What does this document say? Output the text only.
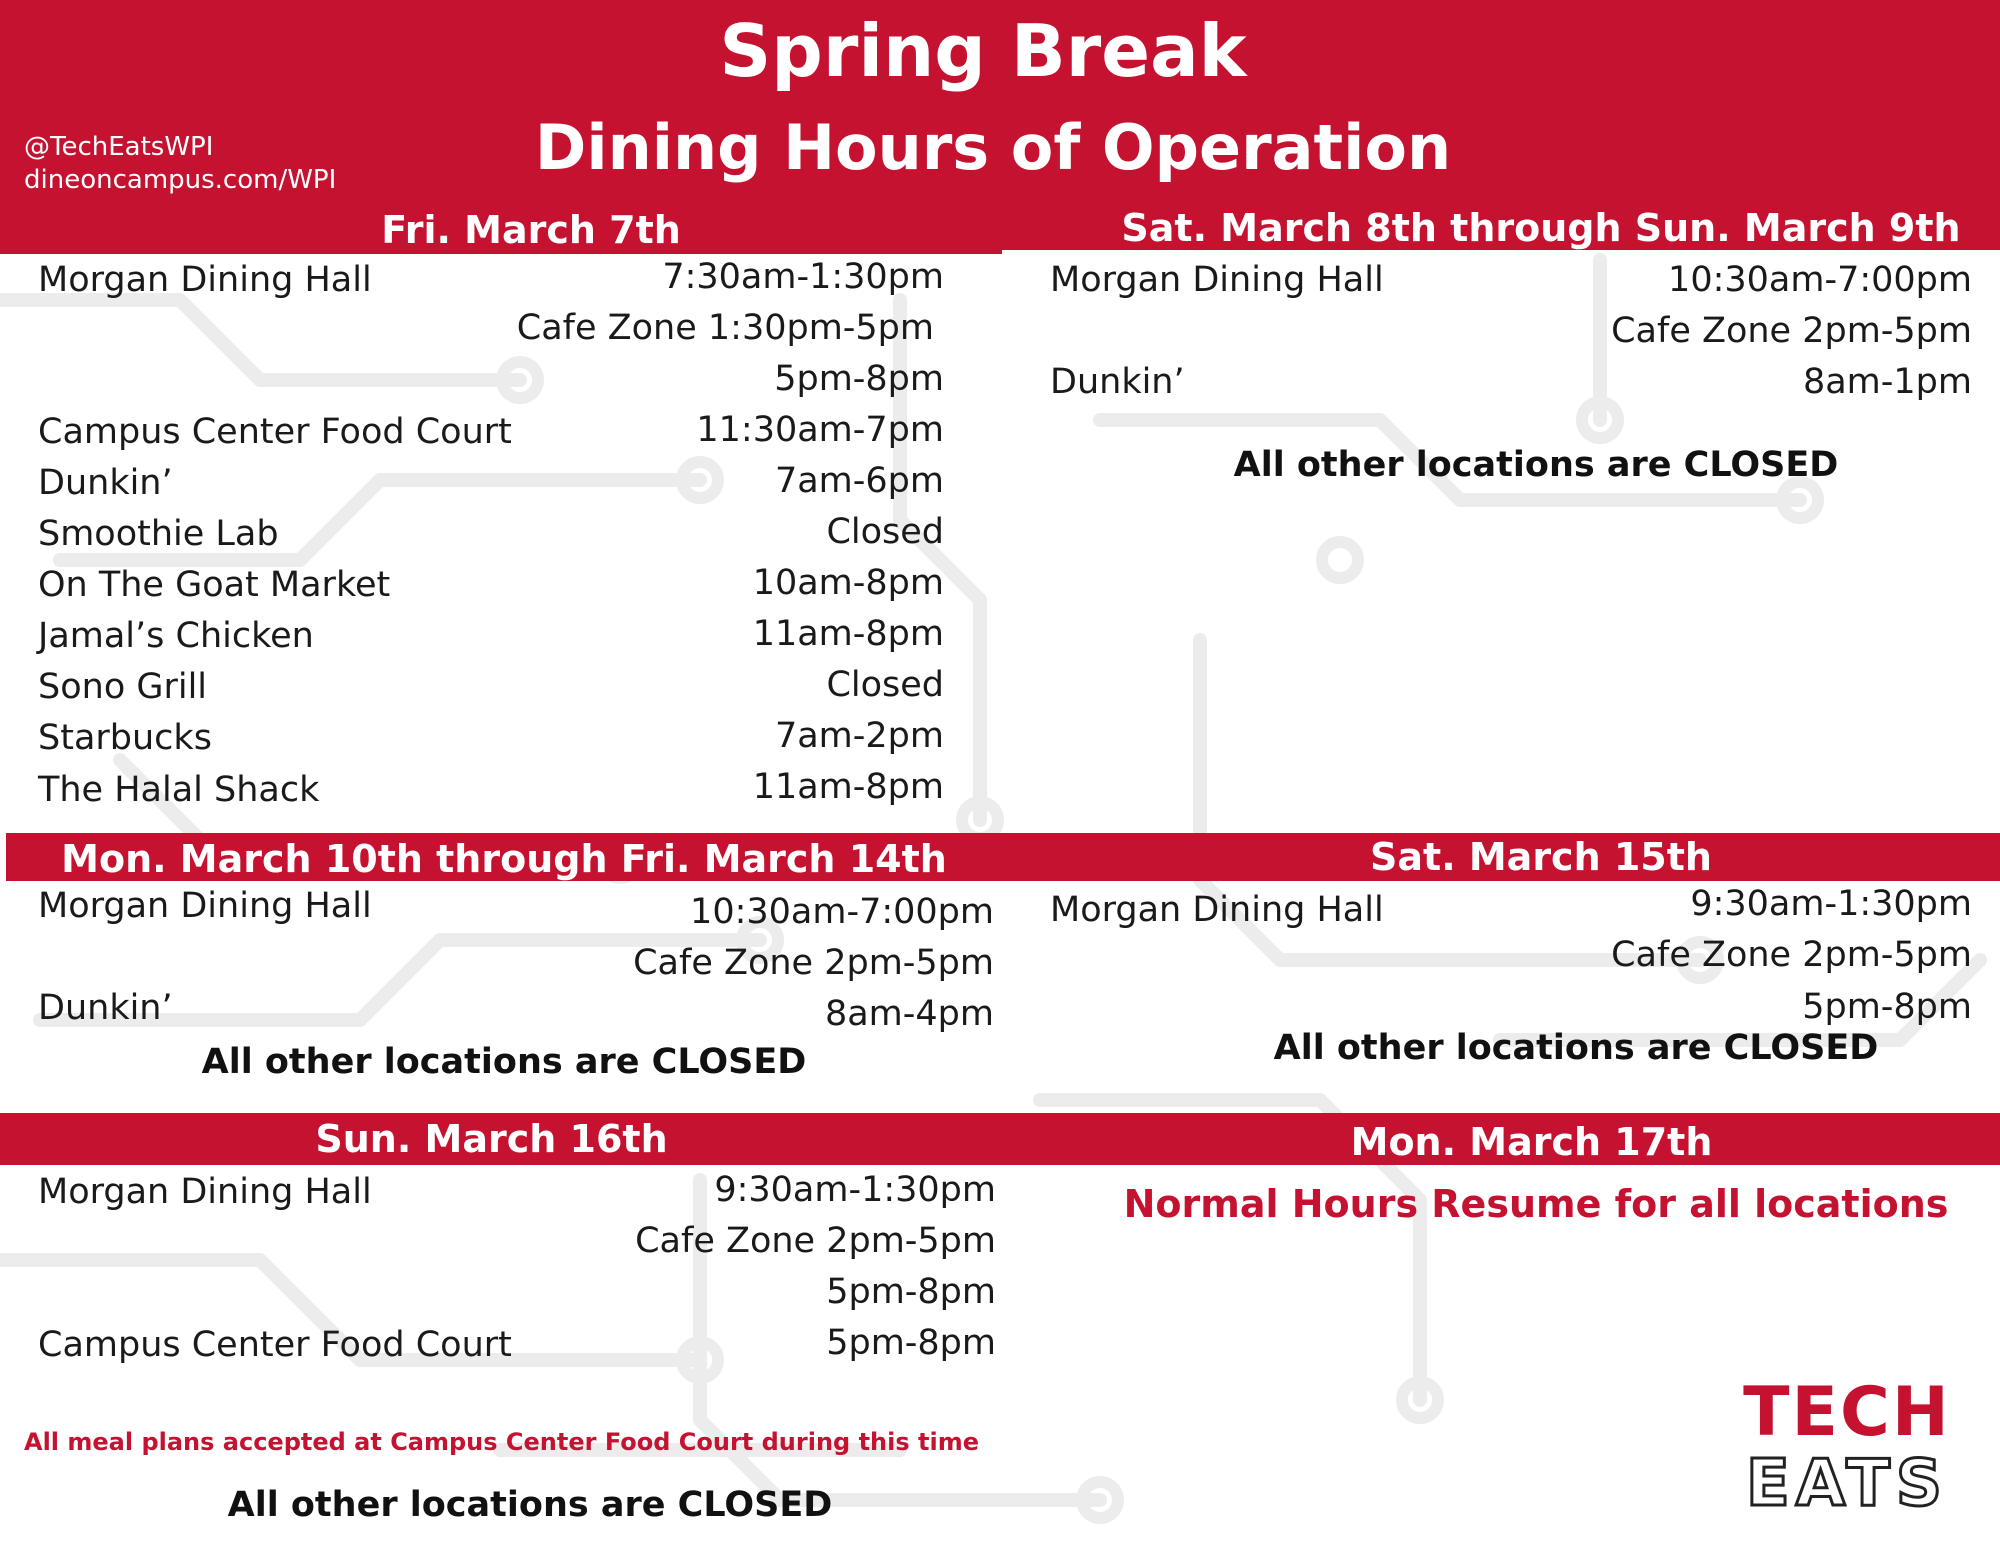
Spring Break
Dining Hours of Operation
@TechEatsWPI
dineoncampus.com/WPI
Fri. March 7th
Morgan Dining Hall	7:30am-1:30pm
Cafe Zone 1:30pm-5pm
5pm-8pm
Campus Center Food Court	11:30am-7pm
Dunkin’	7am-6pm
Smoothie Lab	Closed
On The Goat Market	10am-8pm
Jamal’s Chicken	11am-8pm
Sono Grill	Closed
Starbucks	7am-2pm
The Halal Shack	11am-8pm
Sat. March 8th through Sun. March 9th
Morgan Dining Hall	10:30am-7:00pm
Cafe Zone 2pm-5pm
Dunkin’	8am-1pm
All other locations are CLOSED
Mon. March 10th through Fri. March 14th
Morgan Dining Hall	10:30am-7:00pm
Cafe Zone 2pm-5pm
Dunkin’	8am-4pm
All other locations are CLOSED
Sat. March 15th
Morgan Dining Hall	9:30am-1:30pm
Cafe Zone 2pm-5pm
5pm-8pm
All other locations are CLOSED
Sun. March 16th
Morgan Dining Hall	9:30am-1:30pm
Cafe Zone 2pm-5pm
5pm-8pm
Campus Center Food Court	5pm-8pm
All meal plans accepted at Campus Center Food Court during this time
All other locations are CLOSED
Mon. March 17th
Normal Hours Resume for all locations
TECH
EATS
